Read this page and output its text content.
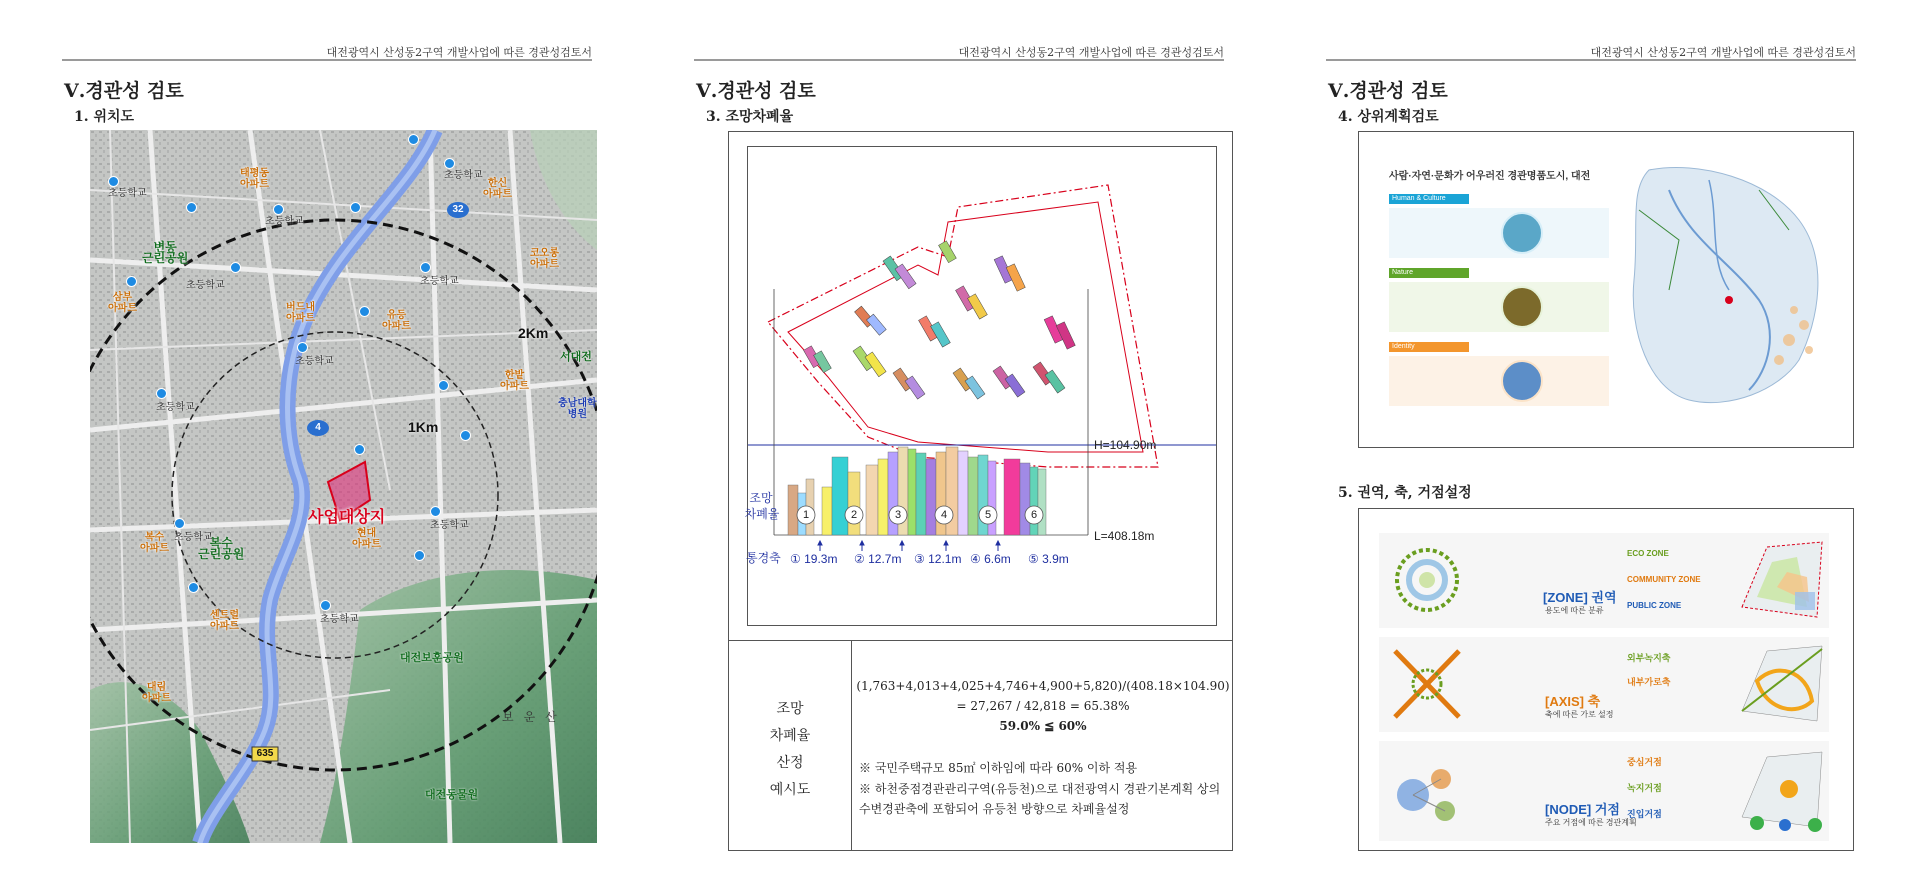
대전광역시 산성동2구역 개발사업에 따른 경관성검토서
Ⅴ.경관성 검토
1. 위치도
32
4
635
2Km
1Km
사업대상지
변동
근린공원
복수
근린공원
대전보훈공원
대전동물원
서대전
충남대학
병원
보운산
태평동
아파트
삼부
아파트	버드내
아파트	유등
아파트
한신
아파트
코오롱
아파트
한밭
아파트
복수
아파트
센트럴
아파트
대림
아파트
현대
아파트
초등학교
초등학교
초등학교
초등학교
초등학교
초등학교
초등학교
초등학교
초등학교
초등학교
대전광역시 산성동2구역 개발사업에 따른 경관성검토서
Ⅴ.경관성 검토
3. 조망차폐율
H=104.90m
L=408.18m
조망
차폐율
통경축
1	2	3	4	5	6
① 19.3m ② 12.7m ③ 12.1m ④ 6.6m ⑤ 3.9m
조망
차폐율
산정
예시도
(1,763+4,013+4,025+4,746+4,900+5,820)/(408.18×104.90)
= 27,267 / 42,818 = 65.38%
59.0% ≦ 60%
※ 국민주택규모 85㎡ 이하임에 따라 60% 이하 적용
※ 하천중점경관관리구역(유등천)으로 대전광역시 경관기본계획 상의 수변경관축에 포함되어 유등천 방향으로 차폐율설정
대전광역시 산성동2구역 개발사업에 따른 경관성검토서
Ⅴ.경관성 검토
4. 상위계획검토
사람·자연·문화가 어우러진 경관명품도시, 대전
Human & Culture
Nature
Identity
5. 권역, 축, 거점설정
[ZONE] 권역
용도에 따른 분류
ECO ZONE
COMMUNITY ZONE
PUBLIC ZONE
[AXIS] 축
축에 따른 가로 설정
외부녹지축
내부가로축
[NODE] 거점
주요 거점에 따른 경관계획
중심거점
녹지거점
진입거점
